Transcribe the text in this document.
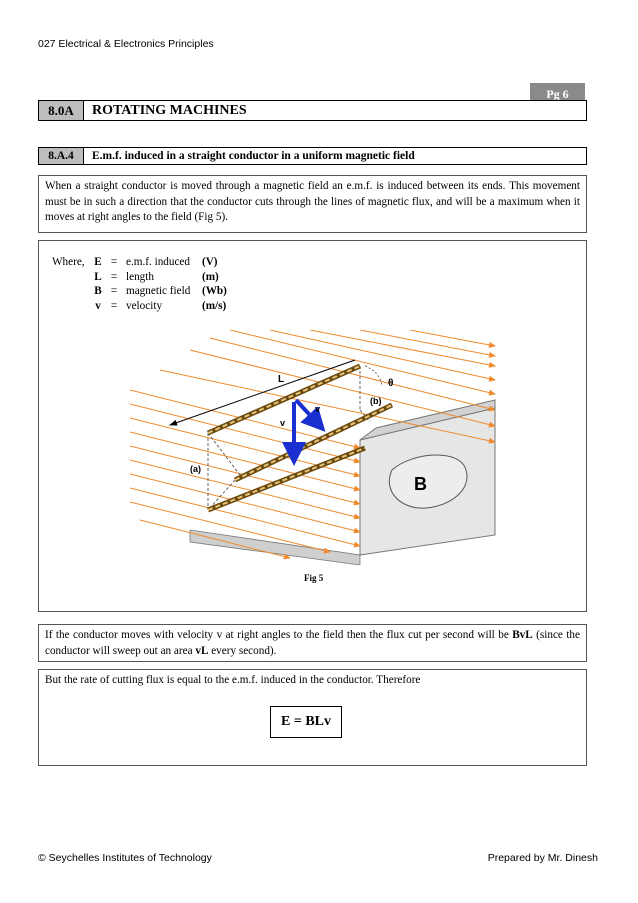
027 Electrical & Electronics Principles
Pg 6
8.0A	ROTATING MACHINES
8.A.4	E.m.f. induced in a straight conductor in a uniform magnetic field
When a straight conductor is moved through a magnetic field an e.m.f. is induced between its ends. This movement must be in such a direction that the conductor cuts through the lines of magnetic flux, and will be a maximum when it moves at right angles to the field (Fig 5).
Where,	E	=	e.m.f. induced	(V)
	L	=	length	(m)
	B	=	magnetic field	(Wb)
	v	=	velocity	(m/s)
L
v
v
θ
(a)
(b)
B
Fig 5
If the conductor moves with velocity v at right angles to the field then the flux cut per second will be BvL (since the conductor will sweep out an area vL every second).
But the rate of cutting flux is equal to the e.m.f. induced in the conductor. Therefore
E = BLv
© Seychelles Institutes of Technology	Prepared by Mr. Dinesh
